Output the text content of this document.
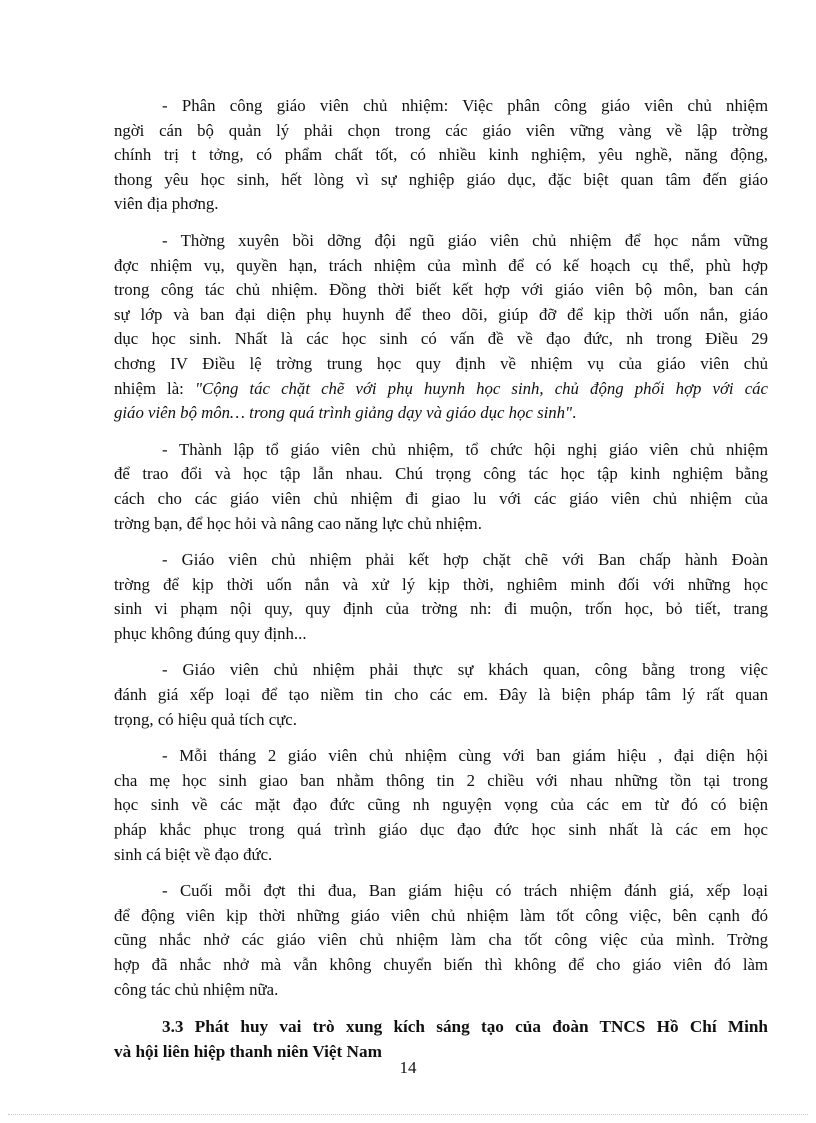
- Phân công giáo viên chủ nhiệm: Việc phân công giáo viên chủ nhiệm
ngời cán bộ quản lý phải chọn trong các giáo viên vững vàng về lập trờng
chính trị t tởng, có phẩm chất tốt, có nhiều kinh nghiệm, yêu nghề, năng động,
thong yêu học sinh, hết lòng vì sự nghiệp giáo dục, đặc biệt quan tâm đến giáo
viên địa phơng.

- Thờng xuyên bồi dỡng đội ngũ giáo viên chủ nhiệm để học nắm vững
đợc nhiệm vụ, quyền hạn, trách nhiệm của mình để có kế hoạch cụ thể, phù hợp
trong công tác chủ nhiệm. Đồng thời biết kết hợp với giáo viên bộ môn, ban cán
sự lớp và ban đại diện phụ huynh để theo dõi, giúp đỡ để kịp thời uốn nắn, giáo
dục học sinh. Nhất là các học sinh có vấn đề về đạo đức, nh trong Điều 29
chơng IV Điều lệ trờng trung học quy định về nhiệm vụ của giáo viên chủ
nhiệm là: "Cộng tác chặt chẽ với phụ huynh học sinh, chủ động phối hợp với các
giáo viên bộ môn… trong quá trình giảng dạy và giáo dục học sinh".

- Thành lập tổ giáo viên chủ nhiệm, tổ chức hội nghị giáo viên chủ nhiệm
để trao đổi và học tập lẫn nhau. Chú trọng công tác học tập kinh nghiệm bằng
cách cho các giáo viên chủ nhiệm đi giao lu với các giáo viên chủ nhiệm của
trờng bạn, để học hỏi và nâng cao năng lực chủ nhiệm.

- Giáo viên chủ nhiệm phải kết hợp chặt chẽ với Ban chấp hành Đoàn
trờng để kịp thời uốn nắn và xử lý kịp thời, nghiêm minh đối với những học
sinh vi phạm nội quy, quy định của trờng nh: đi muộn, trốn học, bỏ tiết, trang
phục không đúng quy định...

- Giáo viên chủ nhiệm phải thực sự khách quan, công bằng trong việc
đánh giá xếp loại để tạo niềm tin cho các em. Đây là biện pháp tâm lý rất quan
trọng, có hiệu quả tích cực.

- Mỗi tháng 2 giáo viên chủ nhiệm cùng với ban giám hiệu , đại diện hội
cha mẹ học sinh giao ban nhằm thông tin 2 chiều với nhau những tồn tại trong
học sinh về các mặt đạo đức cũng nh nguyện vọng của các em từ đó có biện
pháp khắc phục trong quá trình giáo dục đạo đức học sinh nhất là các em học
sinh cá biệt về đạo đức.

- Cuối mỗi đợt thi đua, Ban giám hiệu có trách nhiệm đánh giá, xếp loại
để động viên kịp thời những giáo viên chủ nhiệm làm tốt công việc, bên cạnh đó
cũng nhắc nhở các giáo viên chủ nhiệm làm cha tốt công việc của mình. Trờng
hợp đã nhắc nhở mà vẫn không chuyển biến thì không để cho giáo viên đó làm
công tác chủ nhiệm nữa.

3.3 Phát huy vai trò xung kích sáng tạo của đoàn TNCS Hồ Chí Minh
và hội liên hiệp thanh niên Việt Nam
14
